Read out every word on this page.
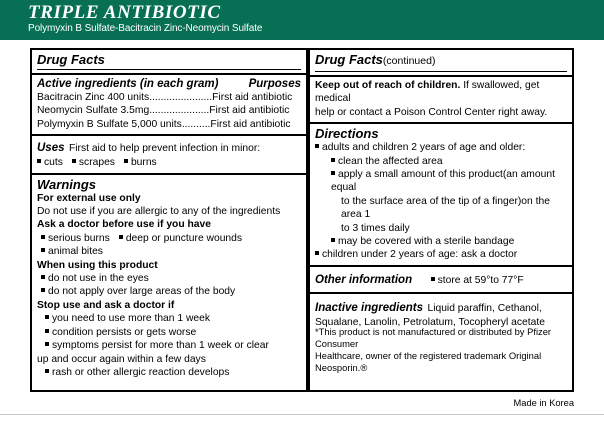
TRIPLE ANTIBIOTIC
Polymyxin B Sulfate-Bacitracin Zinc-Neomycin Sulfate
Drug Facts
Active ingredients (in each gram)	Purposes
Bacitracin Zinc 400 units......................First aid antibiotic
Neomycin Sulfate 3.5mg.....................First aid antibiotic
Polymyxin B Sulfate 5,000 units..........First aid antibiotic
Uses First aid to help prevent infection in minor:
cuts scrapes burns
Warnings
For external use only
Do not use if you are allergic to any of the ingredients
Ask a doctor before use if you have
serious burns deep or puncture wounds
animal bites
When using this product
do not use in the eyes
do not apply over large areas of the body
Stop use and ask a doctor if
you need to use more than 1 week
condition persists or gets worse
symptoms persist for more than 1 week or clear
up and occur again within a few days
rash or other allergic reaction develops
Drug Facts(continued)
Keep out of reach of children. If swallowed, get medical
help or contact a Poison Control Center right away.
Directions
adults and children 2 years of age and older:
clean the affected area
apply a small amount of this product(an amount equal
to the surface area of the tip of a finger)on the area 1
to 3 times daily
may be covered with a sterile bandage
children under 2 years of age: ask a doctor
Other information store at 59°to 77°F
Inactive ingredients Liquid paraffin, Cethanol,
Squalane, Lanolin, Petrolatum, Tocopheryl acetate
*This product is not manufactured or distributed by Pfizer Consumer
Healthcare, owner of the registered trademark Original Neosporin.®
Made in Korea
